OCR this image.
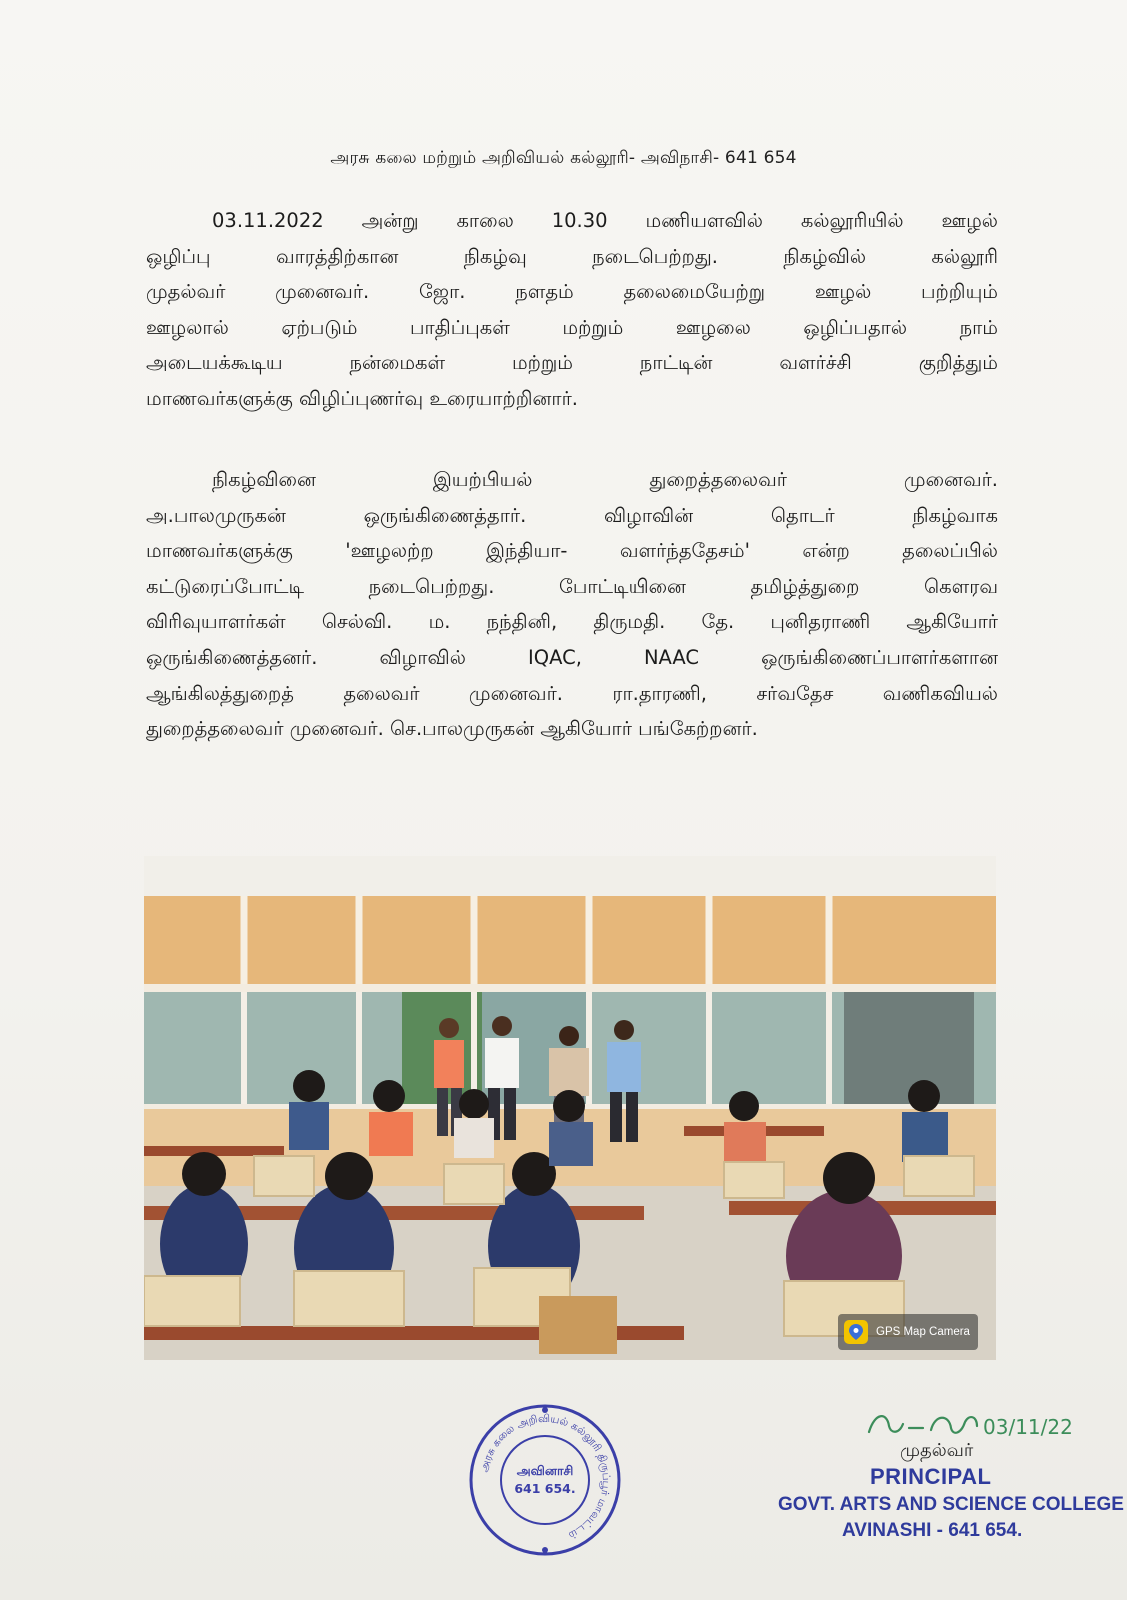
அரசு கலை மற்றும் அறிவியல் கல்லூரி- அவிநாசி- 641 654
03.11.2022 அன்று காலை 10.30 மணியளவில் கல்லூரியில் ஊழல்
ஒழிப்பு வாரத்திற்கான நிகழ்வு நடைபெற்றது. நிகழ்வில் கல்லூரி
முதல்வர் முனைவர். ஜோ. நளதம் தலைமையேற்று ஊழல் பற்றியும்
ஊழலால் ஏற்படும் பாதிப்புகள் மற்றும் ஊழலை ஒழிப்பதால் நாம்
அடையக்கூடிய நன்மைகள் மற்றும் நாட்டின் வளர்ச்சி குறித்தும்
மாணவர்களுக்கு விழிப்புணர்வு உரையாற்றினார்.
நிகழ்வினை இயற்பியல் துறைத்தலைவர் முனைவர்.
அ.பாலமுருகன் ஒருங்கிணைத்தார். விழாவின் தொடர் நிகழ்வாக
மாணவர்களுக்கு 'ஊழலற்ற இந்தியா- வளர்ந்ததேசம்' என்ற தலைப்பில்
கட்டுரைப்போட்டி நடைபெற்றது. போட்டியினை தமிழ்த்துறை கௌரவ
விரிவுயாளர்கள் செல்வி. ம. நந்தினி, திருமதி. தே. புனிதராணி ஆகியோர்
ஒருங்கிணைத்தனர். விழாவில் IQAC, NAAC ஒருங்கிணைப்பாளர்களான
ஆங்கிலத்துறைத் தலைவர் முனைவர். ரா.தாரணி, சர்வதேச வணிகவியல்
துறைத்தலைவர் முனைவர். செ.பாலமுருகன் ஆகியோர் பங்கேற்றனர்.
GPS Map Camera
அரசு கலை அறிவியல் கல்லூரி திருப்பூர் மாவட்டம்
அவினாசி
641 654.
03/11/22
முதல்வர்
PRINCIPAL
GOVT. ARTS AND SCIENCE COLLEGE
AVINASHI - 641 654.
